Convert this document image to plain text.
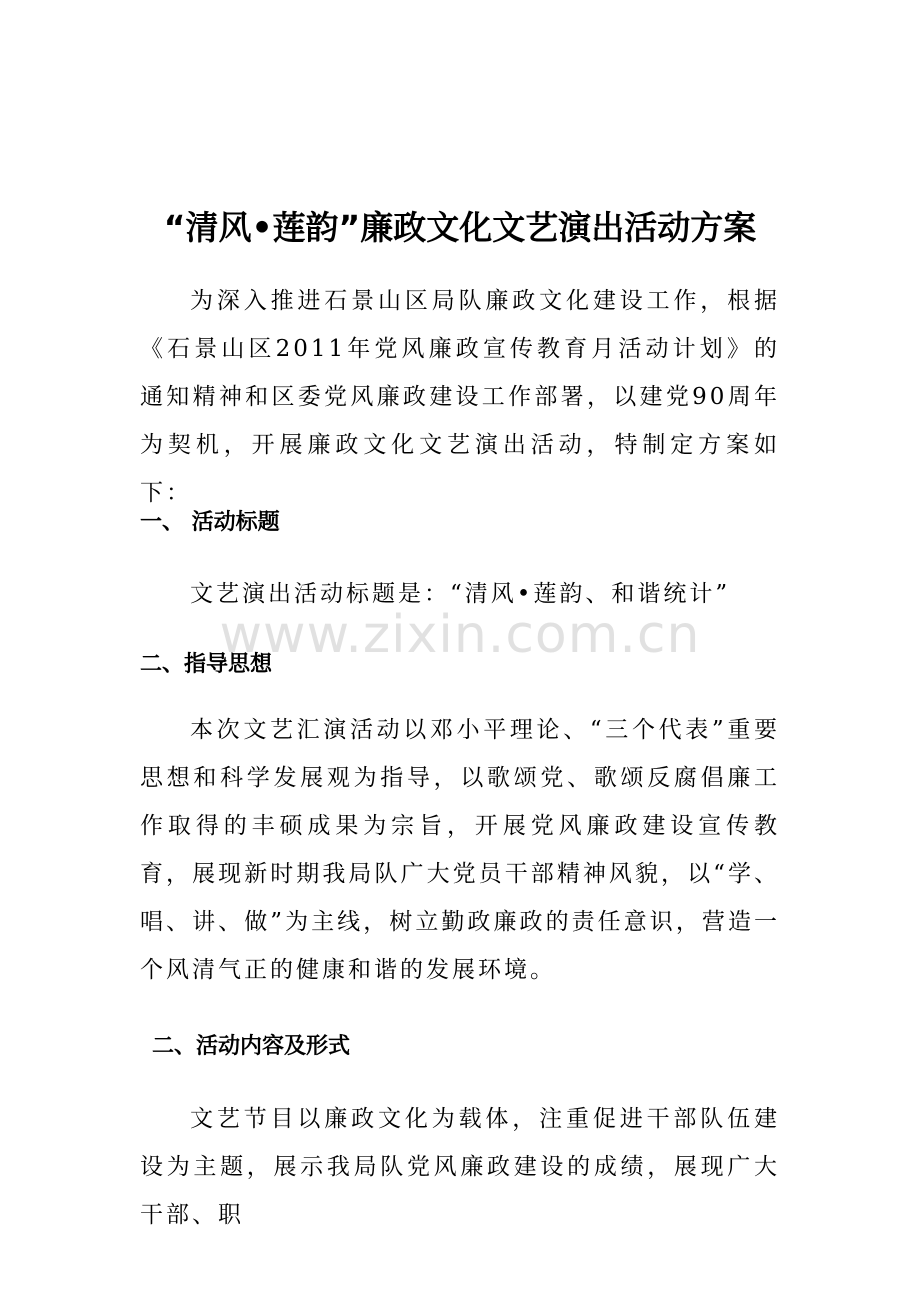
“清风•莲韵”廉政文化文艺演出活动方案

为深入推进石景山区局队廉政文化建设工作，根据《石景山区2011年党风廉政宣传教育月活动计划》的通知精神和区委党风廉政建设工作部署，以建党90周年为契机，开展廉政文化文艺演出活动，特制定方案如下：

一、 活动标题

文艺演出活动标题是：“清风•莲韵、和谐统计”

二、指导思想

本次文艺汇演活动以邓小平理论、“三个代表”重要思想和科学发展观为指导，以歌颂党、歌颂反腐倡廉工作取得的丰硕成果为宗旨，开展党风廉政建设宣传教育，展现新时期我局队广大党员干部精神风貌，以“学、唱、讲、做”为主线，树立勤政廉政的责任意识，营造一个风清气正的健康和谐的发展环境。

二、活动内容及形式

文艺节目以廉政文化为载体，注重促进干部队伍建设为主题，展示我局队党风廉政建设的成绩，展现广大干部、职

www.zixin.com.cn
